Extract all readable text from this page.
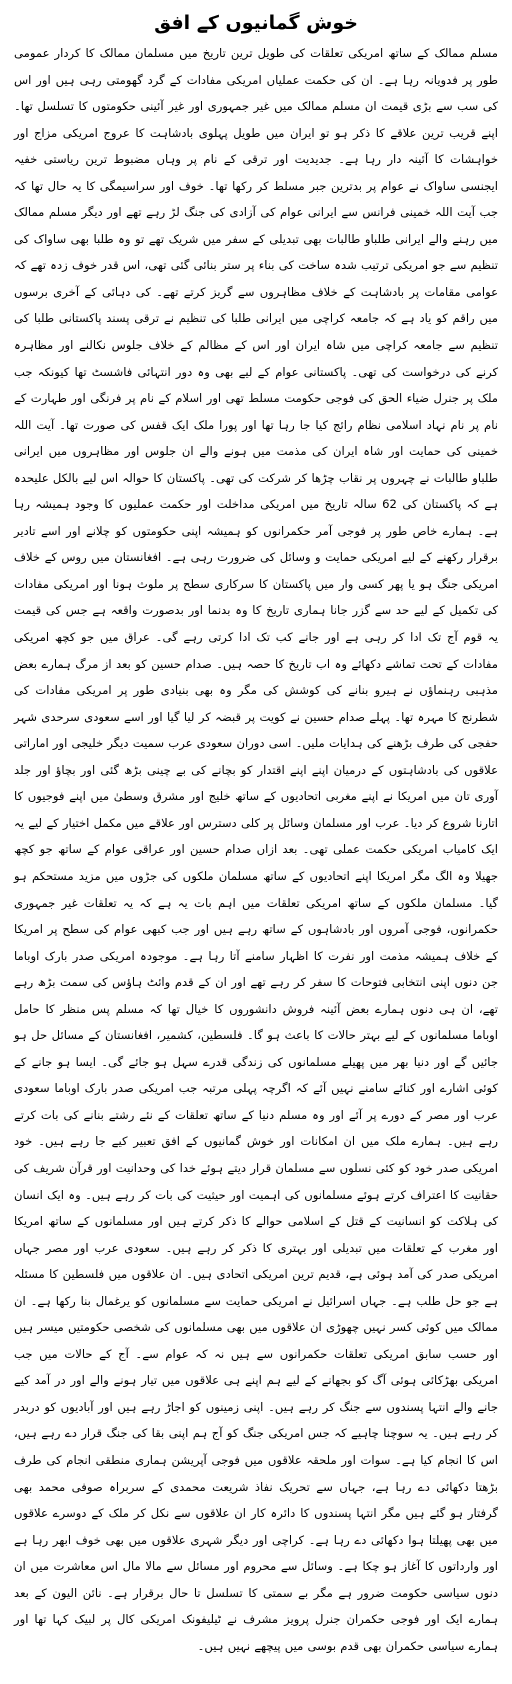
خوش گمانیوں کے افق

مسلم ممالک کے ساتھ امریکی تعلقات کی طویل ترین تاریخ میں مسلمان ممالک کا کردار عمومی طور پر فدویانہ رہا ہے۔ ان کی حکمت عملیاں امریکی مفادات کے گرد گھومتی رہی ہیں اور اس کی سب سے بڑی قیمت ان مسلم ممالک میں غیر جمہوری اور غیر آئینی حکومتوں کا تسلسل تھا۔ اپنے قریب ترین علاقے کا ذکر ہو تو ایران میں طویل پہلوی بادشاہت کا عروج امریکی مزاج اور خواہشات کا آئینہ دار رہا ہے۔ جدیدیت اور ترقی کے نام پر وہاں مضبوط ترین ریاستی خفیہ ایجنسی ساواک نے عوام پر بدترین جبر مسلط کر رکھا تھا۔ خوف اور سراسیمگی کا یہ حال تھا کہ جب آیت اللہ خمینی فرانس سے ایرانی عوام کی آزادی کی جنگ لڑ رہے تھے اور دیگر مسلم ممالک میں رہنے والے ایرانی طلباو طالبات بھی تبدیلی کے سفر میں شریک تھے تو وہ طلبا بھی ساواک کی تنظیم سے جو امریکی ترتیب شدہ ساخت کی بناء پر ستر بنائی گئی تھی، اس قدر خوف زدہ تھے کہ عوامی مقامات پر بادشاہت کے خلاف مظاہروں سے گریز کرتے تھے۔ کی دہائی کے آخری برسوں میں راقم کو یاد ہے کہ جامعہ کراچی میں ایرانی طلبا کی تنظیم نے ترقی پسند پاکستانی طلبا کی تنظیم سے جامعہ کراچی میں شاہ ایران اور اس کے مظالم کے خلاف جلوس نکالنے اور مظاہرہ کرنے کی درخواست کی تھی۔ پاکستانی عوام کے لیے بھی وہ دور انتہائی فاشسٹ تھا کیونکہ جب ملک پر جنرل ضیاء الحق کی فوجی حکومت مسلط تھی اور اسلام کے نام پر فرنگی اور طہارت کے نام پر نام نہاد اسلامی نظام رائج کیا جا رہا تھا اور پورا ملک ایک قفس کی صورت تھا۔ آیت اللہ خمینی کی حمایت اور شاہ ایران کی مذمت میں ہونے والے ان جلوس اور مظاہروں میں ایرانی طلباو طالبات نے چہروں پر نقاب چڑھا کر شرکت کی تھی۔ پاکستان کا حوالہ اس لیے بالکل علیحدہ ہے کہ پاکستان کی 62 سالہ تاریخ میں امریکی مداخلت اور حکمت عملیوں کا وجود ہمیشہ رہا ہے۔ ہمارے خاص طور پر فوجی آمر حکمرانوں کو ہمیشہ اپنی حکومتوں کو چلانے اور اسے تادیر برقرار رکھنے کے لیے امریکی حمایت و وسائل کی ضرورت رہی ہے۔ افغانستان میں روس کے خلاف امریکی جنگ ہو یا پھر کسی وار میں پاکستان کا سرکاری سطح پر ملوث ہونا اور امریکی مفادات کی تکمیل کے لیے حد سے گزر جانا ہماری تاریخ کا وہ بدنما اور بدصورت واقعہ ہے جس کی قیمت یہ قوم آج تک ادا کر رہی ہے اور جانے کب تک ادا کرتی رہے گی۔ عراق میں جو کچھ امریکی مفادات کے تحت تماشے دکھائے وہ اب تاریخ کا حصہ ہیں۔ صدام حسین کو بعد از مرگ ہمارے بعض مذہبی رہنماؤں نے ہیرو بنانے کی کوشش کی مگر وہ بھی بنیادی طور پر امریکی مفادات کی شطرنج کا مہرہ تھا۔ پہلے صدام حسین نے کویت پر قبضہ کر لیا گیا اور اسے سعودی سرحدی شہر حفجی کی طرف بڑھنے کی ہدایات ملیں۔ اسی دوران سعودی عرب سمیت دیگر خلیجی اور اماراتی علاقوں کی بادشاہتوں کے درمیان اپنے اپنے اقتدار کو بچانے کی بے چینی بڑھ گئی اور بچاؤ اور جلد آوری تان میں امریکا نے اپنے مغربی اتحادیوں کے ساتھ خلیج اور مشرق وسطیٰ میں اپنے فوجیوں کا اتارنا شروع کر دیا۔ عرب اور مسلمان وسائل پر کلی دسترس اور علاقے میں مکمل اختیار کے لیے یہ ایک کامیاب امریکی حکمت عملی تھی۔ بعد ازاں صدام حسین اور عراقی عوام کے ساتھ جو کچھ جھیلا وہ الگ مگر امریکا اپنے اتحادیوں کے ساتھ مسلمان ملکوں کی جڑوں میں مزید مستحکم ہو گیا۔ مسلمان ملکوں کے ساتھ امریکی تعلقات میں اہم بات یہ ہے کہ یہ تعلقات غیر جمہوری حکمرانوں، فوجی آمروں اور بادشاہوں کے ساتھ رہے ہیں اور جب کبھی عوام کی سطح پر امریکا کے خلاف ہمیشہ مذمت اور نفرت کا اظہار سامنے آتا رہا ہے۔ موجودہ امریکی صدر بارک اوباما جن دنوں اپنی انتخابی فتوحات کا سفر کر رہے تھے اور ان کے قدم وائٹ ہاؤس کی سمت بڑھ رہے تھے، ان ہی دنوں ہمارے بعض آئینہ فروش دانشوروں کا خیال تھا کہ مسلم پس منظر کا حامل اوباما مسلمانوں کے لیے بہتر حالات کا باعث ہو گا۔ فلسطین، کشمیر، افغانستان کے مسائل حل ہو جائیں گے اور دنیا بھر میں پھیلے مسلمانوں کی زندگی قدرے سہل ہو جائے گی۔ ایسا ہو جانے کے کوئی اشارے اور کنائے سامنے نہیں آئے کہ اگرچہ پہلی مرتبہ جب امریکی صدر بارک اوباما سعودی عرب اور مصر کے دورے پر آئے اور وہ مسلم دنیا کے ساتھ تعلقات کے نئے رشتے بنانے کی بات کرتے رہے ہیں۔ ہمارے ملک میں ان امکانات اور خوش گمانیوں کے افق تعبیر کیے جا رہے ہیں۔ خود امریکی صدر خود کو کئی نسلوں سے مسلمان قرار دیتے ہوئے خدا کی وحدانیت اور قرآن شریف کی حقانیت کا اعتراف کرتے ہوئے مسلمانوں کی اہمیت اور حیثیت کی بات کر رہے ہیں۔ وہ ایک انسان کی ہلاکت کو انسانیت کے قتل کے اسلامی حوالے کا ذکر کرتے ہیں اور مسلمانوں کے ساتھ امریکا اور مغرب کے تعلقات میں تبدیلی اور بہتری کا ذکر کر رہے ہیں۔ سعودی عرب اور مصر جہاں امریکی صدر کی آمد ہوئی ہے، قدیم ترین امریکی اتحادی ہیں۔ ان علاقوں میں فلسطین کا مسئلہ ہے جو حل طلب ہے۔ جہاں اسرائیل نے امریکی حمایت سے مسلمانوں کو یرغمال بنا رکھا ہے۔ ان ممالک میں کوئی کسر نہیں چھوڑی ان علاقوں میں بھی مسلمانوں کی شخصی حکومتیں میسر ہیں اور حسب سابق امریکی تعلقات حکمرانوں سے ہیں نہ کہ عوام سے۔ آج کے حالات میں جب امریکی بھڑکائی ہوئی آگ کو بجھانے کے لیے ہم اپنے ہی علاقوں میں تیار ہونے والے اور در آمد کیے جانے والے انتہا پسندوں سے جنگ کر رہے ہیں۔ اپنی زمینوں کو اجاڑ رہے ہیں اور آبادیوں کو دربدر کر رہے ہیں۔ یہ سوچنا چاہیے کہ جس امریکی جنگ کو آج ہم اپنی بقا کی جنگ قرار دے رہے ہیں، اس کا انجام کیا ہے۔ سوات اور ملحقہ علاقوں میں فوجی آپریشن ہماری منطقی انجام کی طرف بڑھتا دکھائی دے رہا ہے، جہاں سے تحریک نفاذ شریعت محمدی کے سربراہ صوفی محمد بھی گرفتار ہو گئے ہیں مگر انتہا پسندوں کا دائرہ کار ان علاقوں سے نکل کر ملک کے دوسرے علاقوں میں بھی پھیلتا ہوا دکھائی دے رہا ہے۔ کراچی اور دیگر شہری علاقوں میں بھی خوف ابھر رہا ہے اور وارداتوں کا آغاز ہو چکا ہے۔ وسائل سے محروم اور مسائل سے مالا مال اس معاشرت میں ان دنوں سیاسی حکومت ضرور ہے مگر بے سمتی کا تسلسل تا حال برقرار ہے۔ نائن الیون کے بعد ہمارے ایک اور فوجی حکمران جنرل پرویز مشرف نے ٹیلیفونک امریکی کال پر لبیک کہا تھا اور ہمارے سیاسی حکمران بھی قدم بوسی میں پیچھے نہیں ہیں۔
